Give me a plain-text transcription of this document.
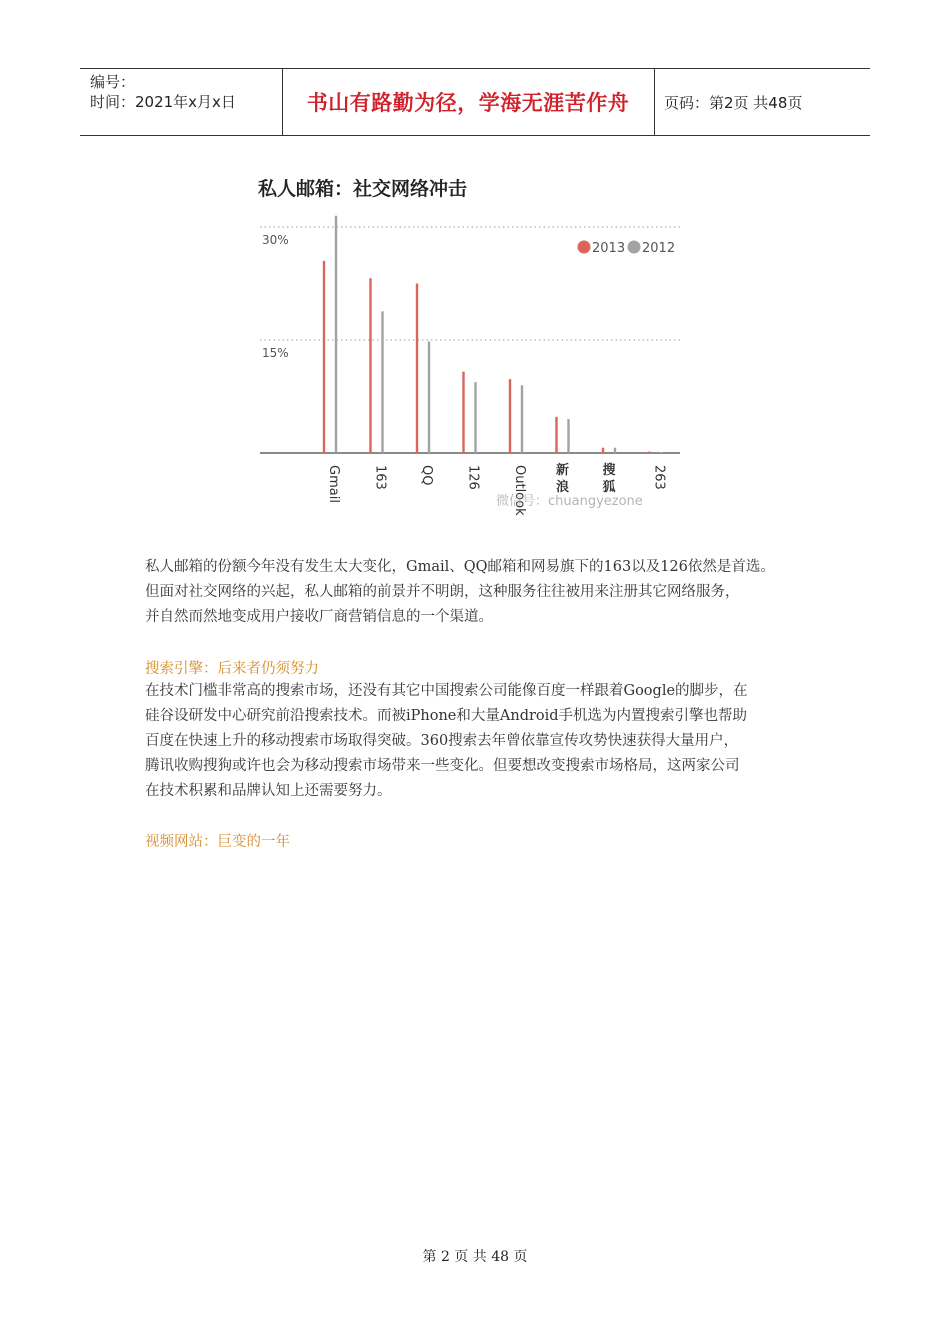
编号：
时间：2021年x月x日	书山有路勤为径，学海无涯苦作舟 页码：第2页 共48页
私人邮箱：社交网络冲击
30%
15%
Gmail 163 QQ 126 Outlook 新浪
搜狐	263
2013 2012
微信号：chuangyezone
私人邮箱的份额今年没有发生太大变化，Gmail、QQ邮箱和网易旗下的163以及126依然是首选。
但面对社交网络的兴起，私人邮箱的前景并不明朗，这种服务往往被用来注册其它网络服务，
并自然而然地变成用户接收厂商营销信息的一个渠道。
搜索引擎：后来者仍须努力
在技术门槛非常高的搜索市场，还没有其它中国搜索公司能像百度一样跟着Google的脚步，在
硅谷设研发中心研究前沿搜索技术。而被iPhone和大量Android手机选为内置搜索引擎也帮助
百度在快速上升的移动搜索市场取得突破。360搜索去年曾依靠宣传攻势快速获得大量用户，
腾讯收购搜狗或许也会为移动搜索市场带来一些变化。但要想改变搜索市场格局，这两家公司
在技术积累和品牌认知上还需要努力。
视频网站：巨变的一年
第 2 页 共 48 页
